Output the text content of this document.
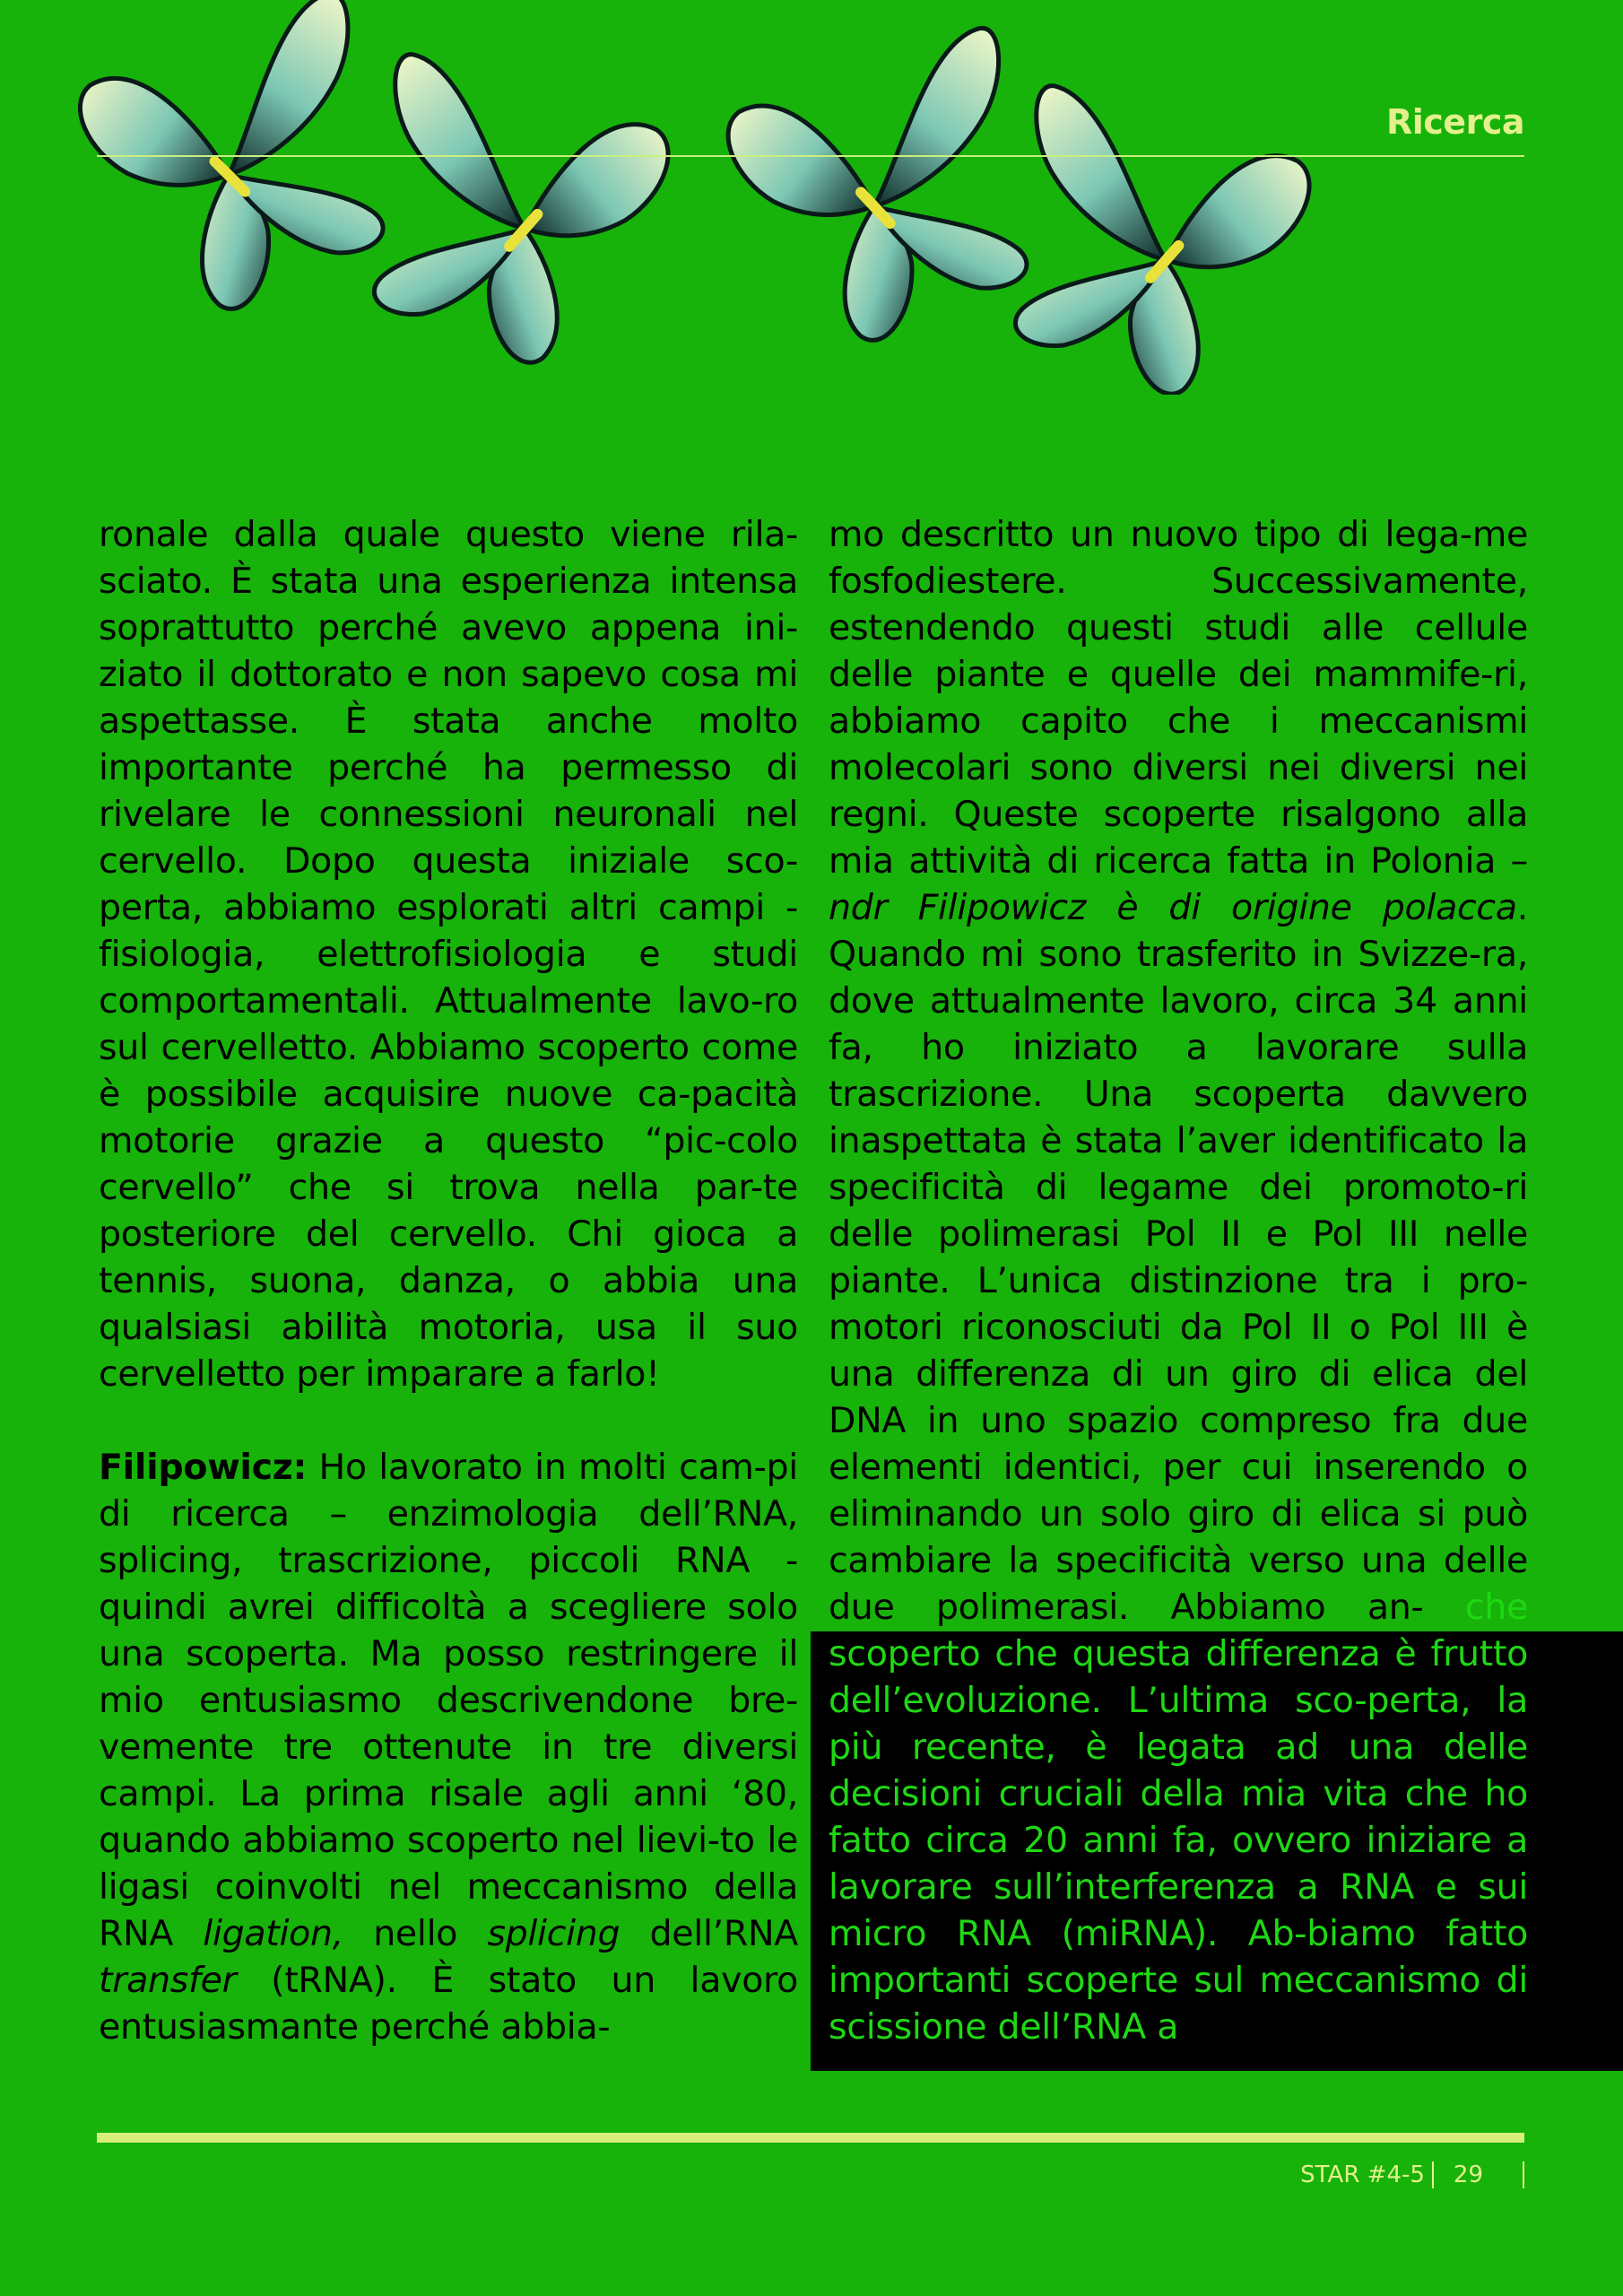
Ricerca

ronale dalla quale questo viene rila-sciato. È stata una esperienza intensa soprattutto perché avevo appena ini-ziato il dottorato e non sapevo cosa mi aspettasse. È stata anche molto importante perché ha permesso di rivelare le connessioni neuronali nel cervello. Dopo questa iniziale sco-perta, abbiamo esplorati altri campi - fisiologia, elettrofisiologia e studi comportamentali. Attualmente lavo-ro sul cervelletto. Abbiamo scoperto come è possibile acquisire nuove ca-pacità motorie grazie a questo “pic-colo cervello” che si trova nella par-te posteriore del cervello. Chi gioca a tennis, suona, danza, o abbia una qualsiasi abilità motoria, usa il suo cervelletto per imparare a farlo!

Filipowicz: Ho lavorato in molti cam-pi di ricerca – enzimologia dell’RNA, splicing, trascrizione, piccoli RNA - quindi avrei difficoltà a scegliere solo una scoperta. Ma posso restringere il mio entusiasmo descrivendone bre-vemente tre ottenute in tre diversi campi. La prima risale agli anni ‘80, quando abbiamo scoperto nel lievi-to le ligasi coinvolti nel meccanismo della RNA ligation, nello splicing dell’RNA transfer (tRNA). È stato un lavoro entusiasmante perché abbia-

mo descritto un nuovo tipo di lega-me fosfodiestere. Successivamente, estendendo questi studi alle cellule delle piante e quelle dei mammife-ri, abbiamo capito che i meccanismi molecolari sono diversi nei diversi nei regni. Queste scoperte risalgono alla mia attività di ricerca fatta in Polonia – ndr Filipowicz è di origine polacca. Quando mi sono trasferito in Svizze-ra, dove attualmente lavoro, circa 34 anni fa, ho iniziato a lavorare sulla trascrizione. Una scoperta davvero inaspettata è stata l’aver identificato la specificità di legame dei promoto-ri delle polimerasi Pol II e Pol III nelle piante. L’unica distinzione tra i pro-motori riconosciuti da Pol II o Pol III è una differenza di un giro di elica del DNA in uno spazio compreso fra due elementi identici, per cui inserendo o eliminando un solo giro di elica si può cambiare la specificità verso una delle due polimerasi. Abbiamo an- che scoperto che questa differenza è frutto dell’evoluzione. L’ultima sco-perta, la più recente, è legata ad una delle decisioni cruciali della mia vita che ho fatto circa 20 anni fa, ovvero iniziare a lavorare sull’interferenza a RNA e sui micro RNA (miRNA). Ab-biamo fatto importanti scoperte sul meccanismo di scissione dell’RNA a

STAR #4-5 29
